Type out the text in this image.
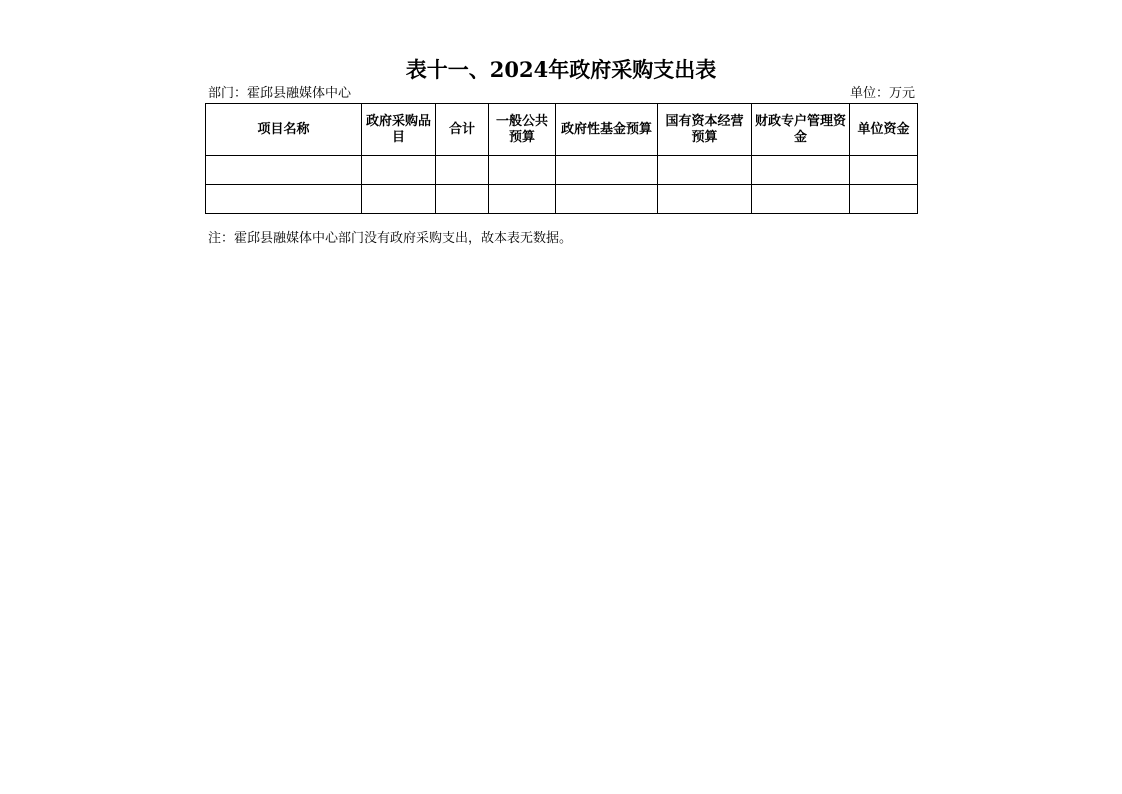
表十一、2024年政府采购支出表
部门：霍邱县融媒体中心	单位：万元
项目名称	政府采购品目	合计	一般公共预算	政府性基金预算	国有资本经营预算	财政专户管理资金	单位资金

注：霍邱县融媒体中心部门没有政府采购支出，故本表无数据。
